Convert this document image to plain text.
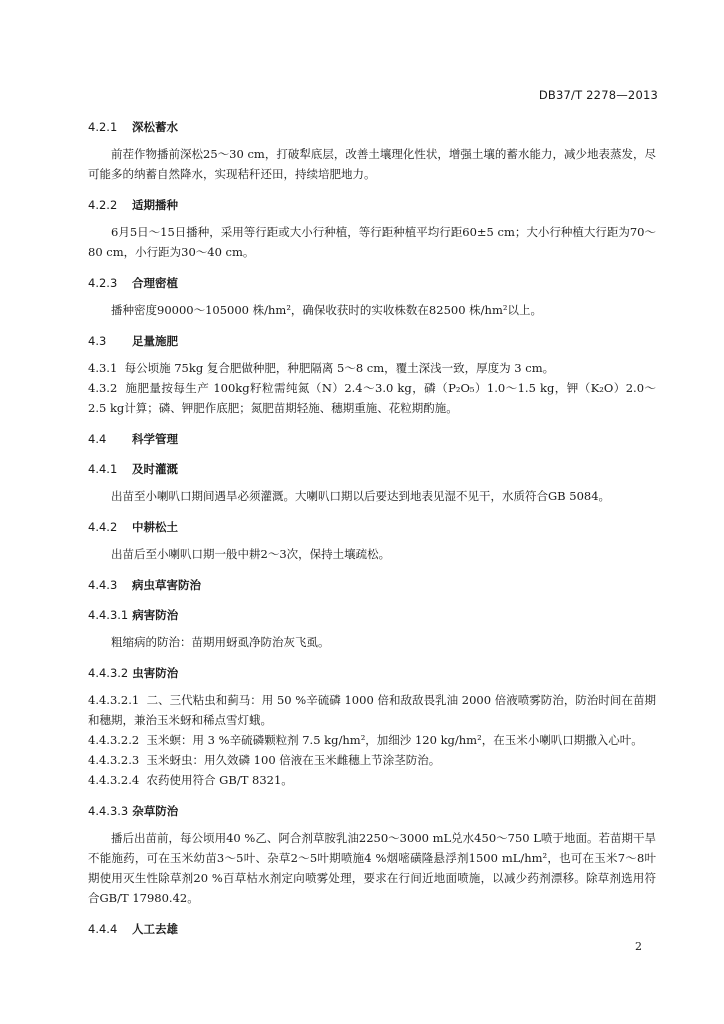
DB37/T 2278—2013

4.2.1 深松蓄水

前茬作物播前深松25～30 cm，打破犁底层，改善土壤理化性状，增强土壤的蓄水能力，减少地表蒸发，尽可能多的纳蓄自然降水，实现秸秆还田，持续培肥地力。

4.2.2 适期播种

6月5日～15日播种，采用等行距或大小行种植，等行距种植平均行距60±5 cm；大小行种植大行距为70～80 cm，小行距为30～40 cm。

4.2.3 合理密植

播种密度90000～105000 株/hm²，确保收获时的实收株数在82500 株/hm²以上。

4.3 足量施肥

4.3.1 每公顷施 75kg 复合肥做种肥，种肥隔离 5～8 cm，覆土深浅一致，厚度为 3 cm。

4.3.2 施肥量按每生产 100kg籽粒需纯氮（N）2.4～3.0 kg，磷（P₂O₅）1.0～1.5 kg，钾（K₂O）2.0～2.5 kg计算；磷、钾肥作底肥；氮肥苗期轻施、穗期重施、花粒期酌施。

4.4 科学管理

4.4.1 及时灌溉

出苗至小喇叭口期间遇旱必须灌溉。大喇叭口期以后要达到地表见湿不见干，水质符合GB 5084。

4.4.2 中耕松土

出苗后至小喇叭口期一般中耕2～3次，保持土壤疏松。

4.4.3 病虫草害防治

4.4.3.1 病害防治

粗缩病的防治：苗期用蚜虱净防治灰飞虱。

4.4.3.2 虫害防治

4.4.3.2.1 二、三代粘虫和蓟马：用 50 %辛硫磷 1000 倍和敌敌畏乳油 2000 倍液喷雾防治，防治时间在苗期和穗期，兼治玉米蚜和稀点雪灯蛾。

4.4.3.2.2 玉米螟：用 3 %辛硫磷颗粒剂 7.5 kg/hm²，加细沙 120 kg/hm²，在玉米小喇叭口期撒入心叶。

4.4.3.2.3 玉米蚜虫：用久效磷 100 倍液在玉米雌穗上节涂茎防治。

4.4.3.2.4 农药使用符合 GB/T 8321。

4.4.3.3 杂草防治

播后出苗前，每公顷用40 %乙、阿合剂草胺乳油2250～3000 mL兑水450～750 L喷于地面。若苗期干旱不能施药，可在玉米幼苗3～5叶、杂草2～5叶期喷施4 %烟嘧磺隆悬浮剂1500 mL/hm²，也可在玉米7～8叶期使用灭生性除草剂20 %百草枯水剂定向喷雾处理，要求在行间近地面喷施，以减少药剂漂移。除草剂选用符合GB/T 17980.42。

4.4.4 人工去雄

2
